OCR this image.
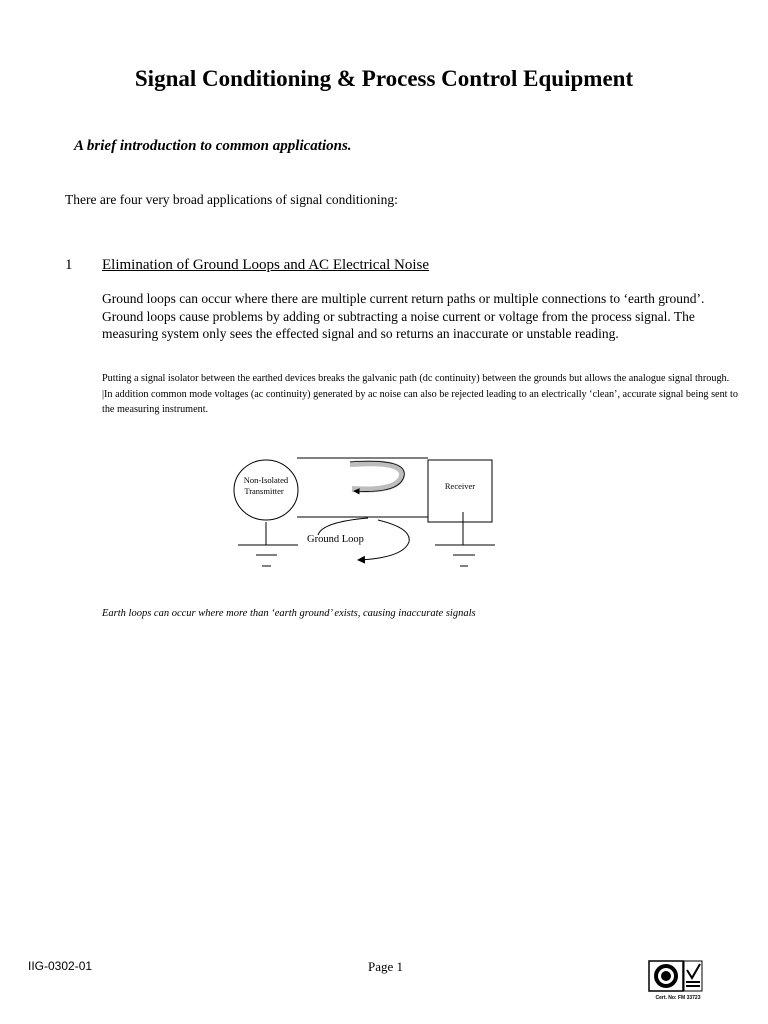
Signal Conditioning & Process Control Equipment
A brief introduction to common applications.
There are four very broad applications of signal conditioning:
1 Elimination of Ground Loops and AC Electrical Noise
Ground loops can occur where there are multiple current return paths or multiple connections to ‘earth ground’. Ground loops cause problems by adding or subtracting a noise current or voltage from the process signal. The measuring system only sees the effected signal and so returns an inaccurate or unstable reading.
Putting a signal isolator between the earthed devices breaks the galvanic path (dc continuity) between the grounds but allows the analogue signal through. |In addition common mode voltages (ac continuity) generated by ac noise can also be rejected leading to an electrically ‘clean’, accurate signal being sent to the measuring instrument.
Non-Isolated
Transmitter	Receiver
Ground Loop
Earth loops can occur where more than ‘earth ground’ exists, causing inaccurate signals
IIG-0302-01	Page 1
Cert. No: FM 33723
